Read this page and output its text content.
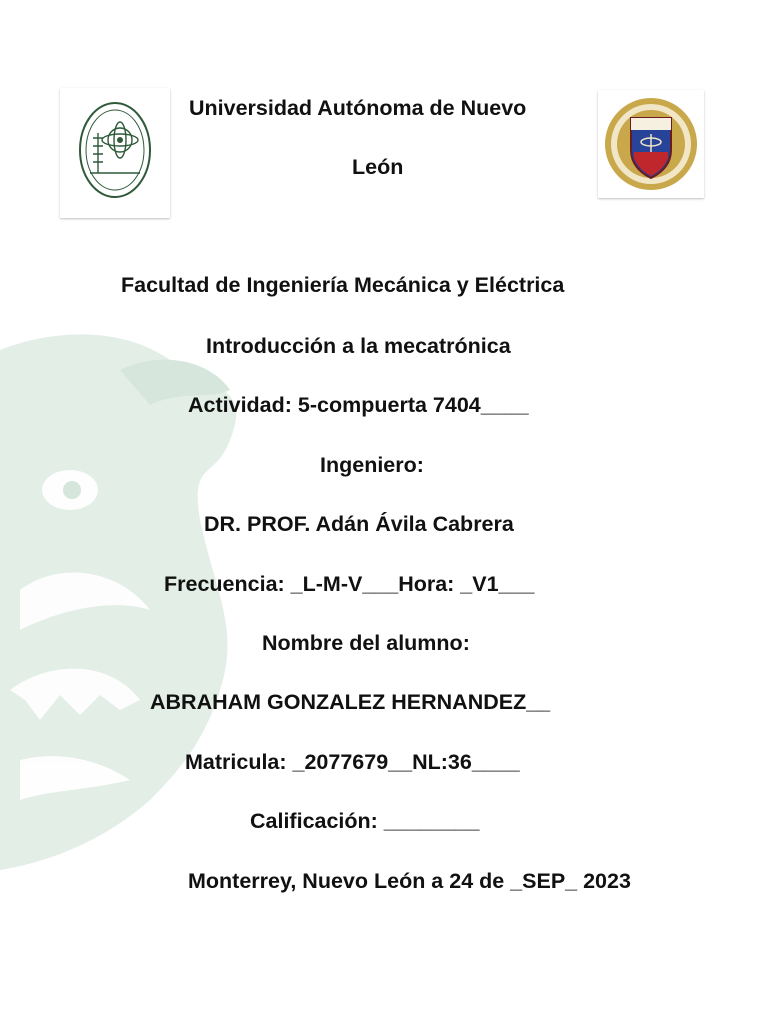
Universidad Autónoma de Nuevo
León
Facultad de Ingeniería Mecánica y Eléctrica
Introducción a la mecatrónica
Actividad: 5-compuerta 7404____
Ingeniero:
DR. PROF. Adán Ávila Cabrera
Frecuencia: _L-M-V___Hora: _V1___
Nombre del alumno:
ABRAHAM GONZALEZ HERNANDEZ__
Matricula: _2077679__NL:36____
Calificación: ________
Monterrey, Nuevo León a 24 de _SEP_ 2023
